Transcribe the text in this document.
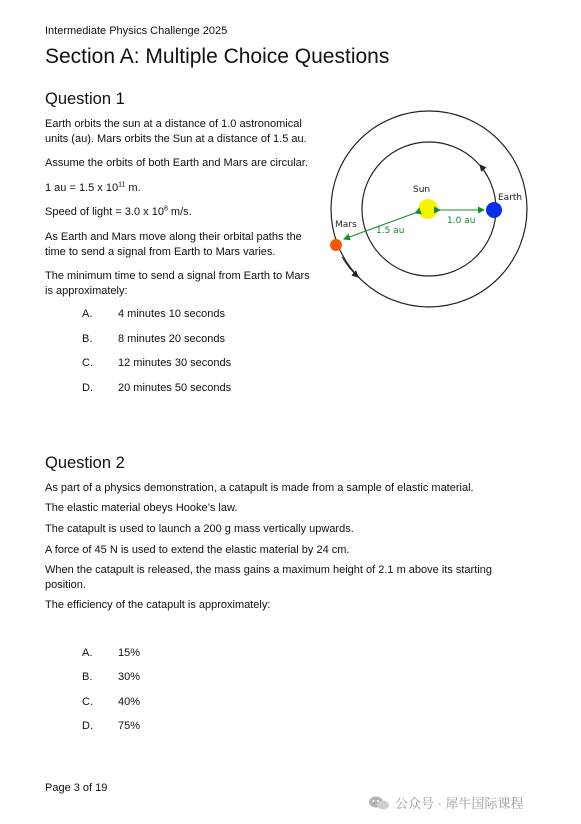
Intermediate Physics Challenge 2025
Section A: Multiple Choice Questions
Question 1
Earth orbits the sun at a distance of 1.0 astronomical units (au). Mars orbits the Sun at a distance of 1.5 au.
Assume the orbits of both Earth and Mars are circular.
1 au = 1.5 x $10^{11}$ m.
Speed of light = 3.0 x $10^8$ m/s.
As Earth and Mars move along their orbital paths the time to send a signal from Earth to Mars varies.
The minimum time to send a signal from Earth to Mars is approximately:
A. 4 minutes 10 seconds
B. 8 minutes 20 seconds
C. 12 minutes 30 seconds
D. 20 minutes 50 seconds
Sun
Earth
Mars	1.0 au
1.5 au
Question 2
As part of a physics demonstration, a catapult is made from a sample of elastic material.
The elastic material obeys Hooke’s law.
The catapult is used to launch a 200 g mass vertically upwards.
A force of 45 N is used to extend the elastic material by 24 cm.
When the catapult is released, the mass gains a maximum height of 2.1 m above its starting position.
The efficiency of the catapult is approximately:
A. 15%
B. 30%
C. 40%
D. 75%
Page 3 of 19
公众号 · 犀牛国际课程
